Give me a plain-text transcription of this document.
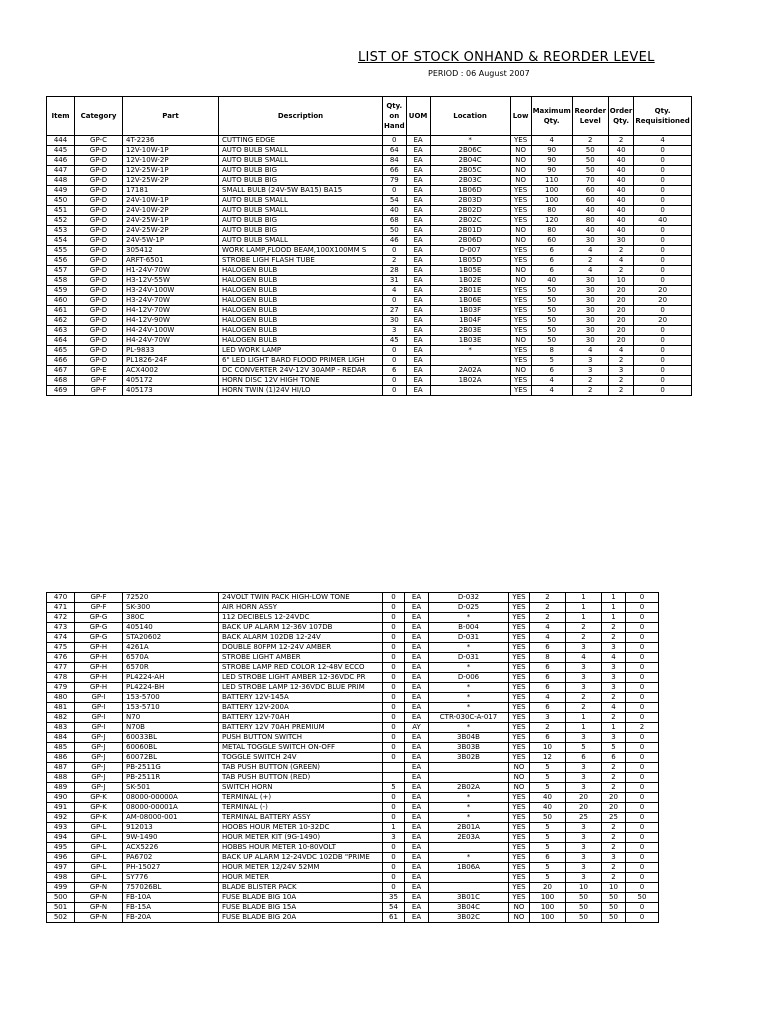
LIST OF STOCK ONHAND & REORDER LEVEL
PERIOD : 06 August 2007
Item	Category	Part	Description	Qty. on Hand	UOM	Location	Low	Maximum Qty.	Reorder Level	Order Qty.	Qty. Requisitioned
444	GP-C	4T-2236	CUTTING EDGE	0	EA	*	YES	4	2	2	4
445	GP-D	12V-10W-1P	AUTO BULB SMALL	64	EA	2B06C	NO	90	50	40	0
446	GP-D	12V-10W-2P	AUTO BULB SMALL	84	EA	2B04C	NO	90	50	40	0
447	GP-D	12V-25W-1P	AUTO BULB BIG	66	EA	2B05C	NO	90	50	40	0
448	GP-D	12V-25W-2P	AUTO BULB BIG	79	EA	2B03C	NO	110	70	40	0
449	GP-D	17181	SMALL BULB (24V-5W BA15) BA15	0	EA	1B06D	YES	100	60	40	0
450	GP-D	24V-10W-1P	AUTO BULB SMALL	54	EA	2B03D	YES	100	60	40	0
451	GP-D	24V-10W-2P	AUTO BULB SMALL	40	EA	2B02D	YES	80	40	40	0
452	GP-D	24V-25W-1P	AUTO BULB BIG	68	EA	2B02C	YES	120	80	40	40
453	GP-D	24V-25W-2P	AUTO BULB BIG	50	EA	2B01D	NO	80	40	40	0
454	GP-D	24V-5W-1P	AUTO BULB SMALL	46	EA	2B06D	NO	60	30	30	0
455	GP-D	305412	WORK LAMP,FLOOD BEAM,100X100MM S	0	EA	D-007	YES	6	4	2	0
456	GP-D	ARFT-6501	STROBE LIGH FLASH TUBE	2	EA	1B05D	YES	6	2	4	0
457	GP-D	H1-24V-70W	HALOGEN BULB	28	EA	1B05E	NO	6	4	2	0
458	GP-D	H3-12V-55W	HALOGEN BULB	31	EA	1B02E	NO	40	30	10	0
459	GP-D	H3-24V-100W	HALOGEN BULB	4	EA	2B01E	YES	50	30	20	20
460	GP-D	H3-24V-70W	HALOGEN BULB	0	EA	1B06E	YES	50	30	20	20
461	GP-D	H4-12V-70W	HALOGEN BULB	27	EA	1B03F	YES	50	30	20	0
462	GP-D	H4-12V-90W	HALOGEN BULB	30	EA	1B04F	YES	50	30	20	20
463	GP-D	H4-24V-100W	HALOGEN BULB	3	EA	2B03E	YES	50	30	20	0
464	GP-D	H4-24V-70W	HALOGEN BULB	45	EA	1B03E	NO	50	30	20	0
465	GP-D	PL-9833	LED WORK LAMP	0	EA	*	YES	8	4	4	0
466	GP-D	PL1826-24F	6" LED LIGHT BARD FLOOD PRIMER LIGH	0	EA		YES	5	3	2	0
467	GP-E	ACX4002	DC CONVERTER 24V-12V 30AMP - REDAR	6	EA	2A02A	NO	6	3	3	0
468	GP-F	405172	HORN DISC 12V HIGH TONE	0	EA	1B02A	YES	4	2	2	0
469	GP-F	405173	HORN TWIN (1)24V HI/LO	0	EA		YES	4	2	2	0
470	GP-F	72520	24VOLT TWIN PACK HIGH-LOW TONE	0	EA	D-032	YES	2	1	1	0
471	GP-F	SK-300	AIR HORN ASSY	0	EA	D-025	YES	2	1	1	0
472	GP-G	380C	112 DECIBELS 12-24VDC	0	EA	*	YES	2	1	1	0
473	GP-G	405140	BACK UP ALARM 12-36V 107DB	0	EA	B-004	YES	4	2	2	0
474	GP-G	STA20602	BACK ALARM 102DB 12-24V	0	EA	D-031	YES	4	2	2	0
475	GP-H	4261A	DOUBLE 80FPM 12-24V AMBER	0	EA	*	YES	6	3	3	0
476	GP-H	6570A	STROBE LIGHT AMBER	0	EA	D-031	YES	8	4	4	0
477	GP-H	6570R	STROBE LAMP RED COLOR 12-48V ECCO	0	EA	*	YES	6	3	3	0
478	GP-H	PL4224-AH	LED STROBE LIGHT AMBER 12-36VDC PR	0	EA	D-006	YES	6	3	3	0
479	GP-H	PL4224-BH	LED STROBE LAMP 12-36VDC BLUE PRIM	0	EA	*	YES	6	3	3	0
480	GP-I	153-5700	BATTERY 12V-145A	0	EA	*	YES	4	2	2	0
481	GP-I	153-5710	BATTERY 12V-200A	0	EA	*	YES	6	2	4	0
482	GP-I	N70	BATTERY 12V-70AH	0	EA	CTR-030C-A-017	YES	3	1	2	0
483	GP-I	N70B	BATTERY 12V 70AH PREMIUM	0	AY	*	YES	2	1	1	2
484	GP-J	60033BL	PUSH BUTTON SWITCH	0	EA	3B04B	YES	6	3	3	0
485	GP-J	60060BL	METAL TOGGLE SWITCH ON-OFF	0	EA	3B03B	YES	10	5	5	0
486	GP-J	60072BL	TOGGLE SWITCH 24V	0	EA	3B02B	YES	12	6	6	0
487	GP-J	PB-2511G	TAB PUSH BUTTON (GREEN)		EA		NO	5	3	2	0
488	GP-J	PB-2511R	TAB PUSH BUTTON (RED)		EA		NO	5	3	2	0
489	GP-J	SK-501	SWITCH HORN	5	EA	2B02A	NO	5	3	2	0
490	GP-K	08000-00000A	TERMINAL (+)	0	EA	*	YES	40	20	20	0
491	GP-K	08000-00001A	TERMINAL (-)	0	EA	*	YES	40	20	20	0
492	GP-K	AM-08000-001	TERMINAL BATTERY ASSY	0	EA	*	YES	50	25	25	0
493	GP-L	912013	HOOBS HOUR METER 10-32DC	1	EA	2B01A	YES	5	3	2	0
494	GP-L	9W-1490	HOUR METER KIT (9G-1490)	3	EA	2E03A	YES	5	3	2	0
495	GP-L	ACX5226	HOBBS HOUR METER 10-80VOLT	0	EA		YES	5	3	2	0
496	GP-L	PA6702	BACK UP ALARM 12-24VDC 102DB "PRIME	0	EA	*	YES	6	3	3	0
497	GP-L	PH-15027	HOUR METER 12/24V 52MM	0	EA	1B06A	YES	5	3	2	0
498	GP-L	SY776	HOUR METER	0	EA		YES	5	3	2	0
499	GP-N	757026BL	BLADE BLISTER PACK	0	EA		YES	20	10	10	0
500	GP-N	FB-10A	FUSE BLADE BIG 10A	35	EA	3B01C	YES	100	50	50	50
501	GP-N	FB-15A	FUSE BLADE BIG 15A	54	EA	3B04C	NO	100	50	50	0
502	GP-N	FB-20A	FUSE BLADE BIG 20A	61	EA	3B02C	NO	100	50	50	0
